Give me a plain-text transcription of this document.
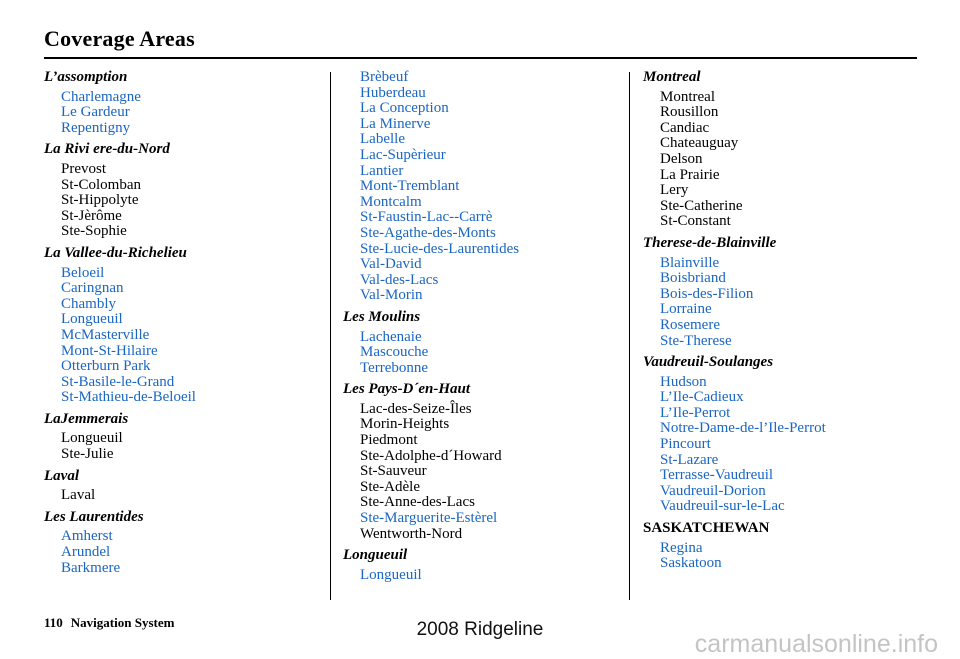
Coverage Areas
L’assomption
Charlemagne
Le Gardeur
Repentigny
La Rivi ere-du-Nord
Prevost
St-Colomban
St-Hippolyte
St-Jèrôme
Ste-Sophie
La Vallee-du-Richelieu
Beloeil
Caringnan
Chambly
Longueuil
McMasterville
Mont-St-Hilaire
Otterburn Park
St-Basile-le-Grand
St-Mathieu-de-Beloeil
LaJemmerais
Longueuil
Ste-Julie
Laval
Laval
Les Laurentides
Amherst
Arundel
Barkmere
Brèbeuf
Huberdeau
La Conception
La Minerve
Labelle
Lac-Supèrieur
Lantier
Mont-Tremblant
Montcalm
St-Faustin-Lac--Carrè
Ste-Agathe-des-Monts
Ste-Lucie-des-Laurentides
Val-David
Val-des-Lacs
Val-Morin
Les Moulins
Lachenaie
Mascouche
Terrebonne
Les Pays-D´en-Haut
Lac-des-Seize-Îles
Morin-Heights
Piedmont
Ste-Adolphe-d´Howard
St-Sauveur
Ste-Adèle
Ste-Anne-des-Lacs
Ste-Marguerite-Estèrel
Wentworth-Nord
Longueuil
Longueuil
Montreal
Montreal
Rousillon
Candiac
Chateauguay
Delson
La Prairie
Lery
Ste-Catherine
St-Constant
Therese-de-Blainville
Blainville
Boisbriand
Bois-des-Filion
Lorraine
Rosemere
Ste-Therese
Vaudreuil-Soulanges
Hudson
L’Ile-Cadieux
L’Ile-Perrot
Notre-Dame-de-l’Ile-Perrot
Pincourt
St-Lazare
Terrasse-Vaudreuil
Vaudreuil-Dorion
Vaudreuil-sur-le-Lac
SASKATCHEWAN
Regina
Saskatoon
110 Navigation System	2008 Ridgeline
carmanualsonline.info
